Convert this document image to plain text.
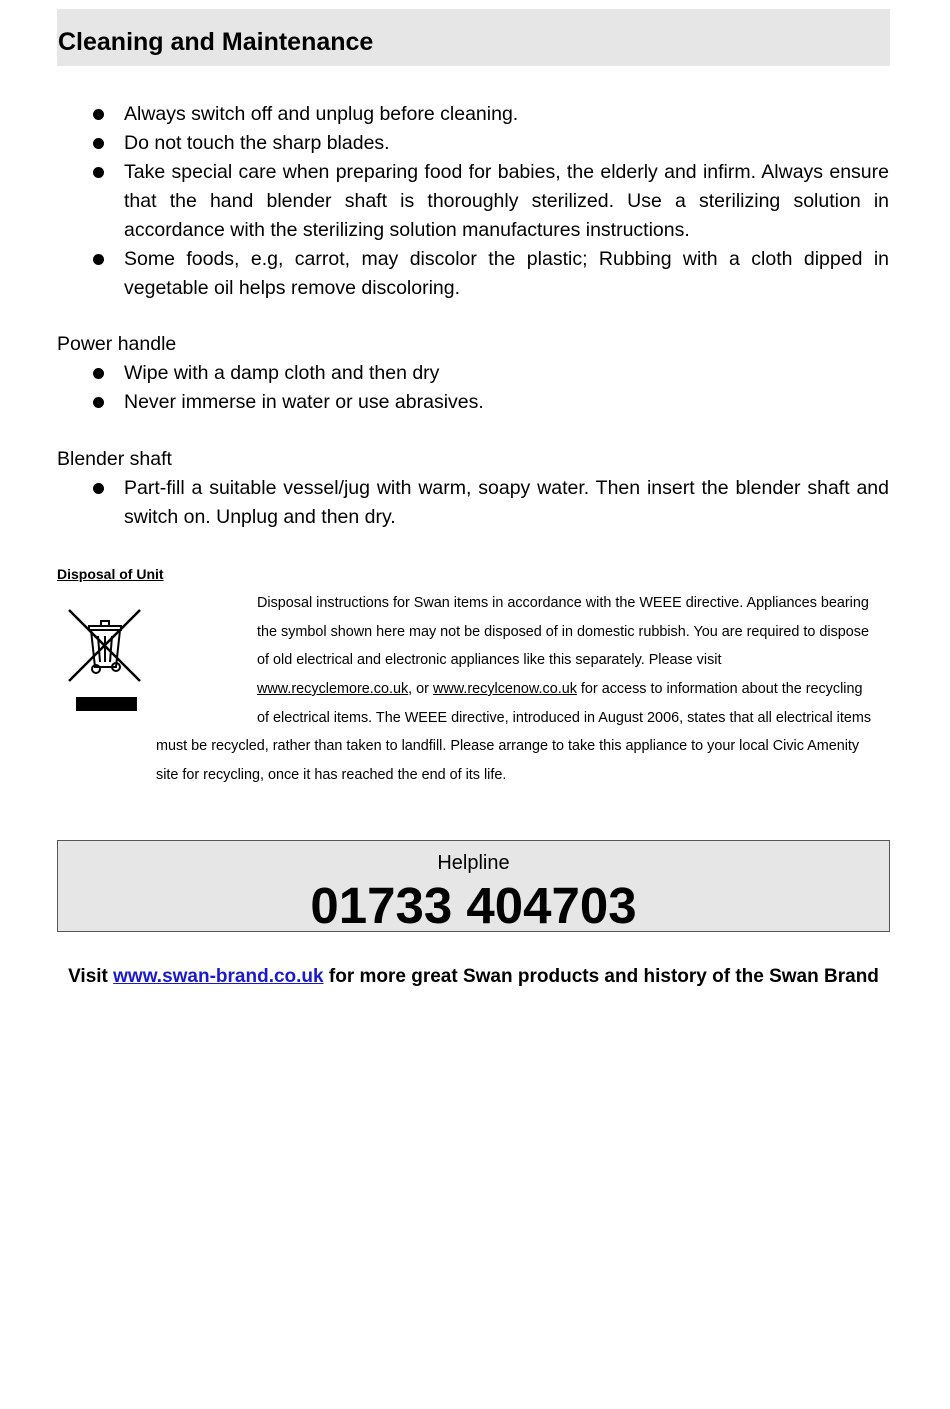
Cleaning and Maintenance
Always switch off and unplug before cleaning.
Do not touch the sharp blades.
Take special care when preparing food for babies, the elderly and infirm. Always ensure that the hand blender shaft is thoroughly sterilized. Use a sterilizing solution in accordance with the sterilizing solution manufactures instructions.
Some foods, e.g, carrot, may discolor the plastic; Rubbing with a cloth dipped in vegetable oil helps remove discoloring.
Power handle
Wipe with a damp cloth and then dry
Never immerse in water or use abrasives.
Blender shaft
Part-fill a suitable vessel/jug with warm, soapy water. Then insert the blender shaft and switch on. Unplug and then dry.
Disposal of Unit
Disposal instructions for Swan items in accordance with the WEEE directive. Appliances bearing
the symbol shown here may not be disposed of in domestic rubbish. You are required to dispose
of old electrical and electronic appliances like this separately. Please visit
www.recyclemore.co.uk, or www.recylcenow.co.uk for access to information about the recycling
of electrical items. The WEEE directive, introduced in August 2006, states that all electrical items
must be recycled, rather than taken to landfill. Please arrange to take this appliance to your local Civic Amenity
site for recycling, once it has reached the end of its life.
Helpline
01733 404703
Visit www.swan-brand.co.uk for more great Swan products and history of the Swan Brand
